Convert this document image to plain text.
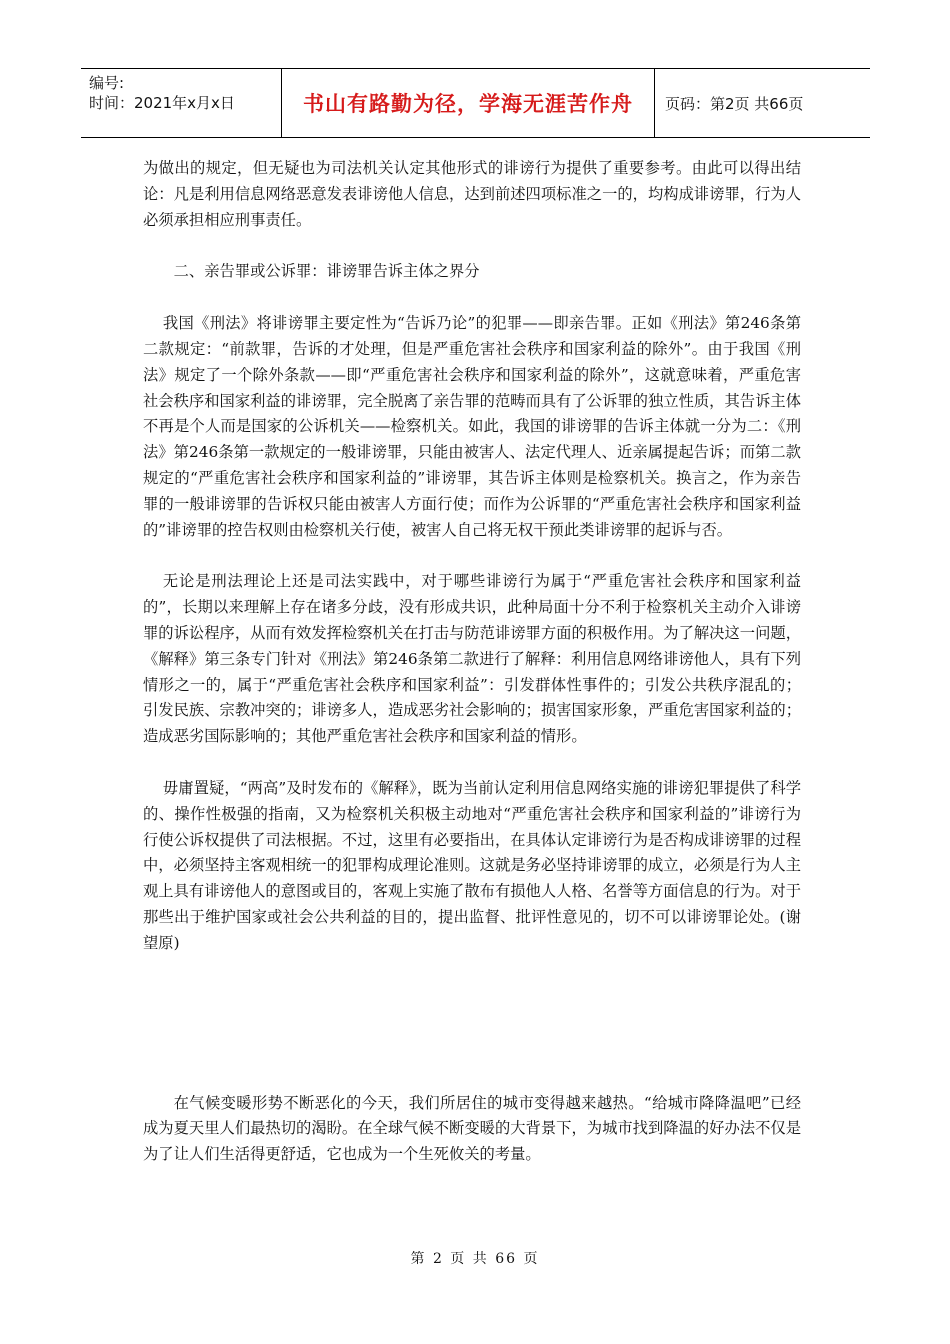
编号:
时间：2021年x月x日	书山有路勤为径，学海无涯苦作舟 页码：第2页 共66页

为做出的规定，但无疑也为司法机关认定其他形式的诽谤行为提供了重要参考。由此可以得出结论：凡是利用信息网络恶意发表诽谤他人信息，达到前述四项标准之一的，均构成诽谤罪，行为人必须承担相应刑事责任。

二、亲告罪或公诉罪：诽谤罪告诉主体之界分

我国《刑法》将诽谤罪主要定性为“告诉乃论”的犯罪——即亲告罪。正如《刑法》第246条第二款规定：“前款罪，告诉的才处理，但是严重危害社会秩序和国家利益的除外”。由于我国《刑法》规定了一个除外条款——即“严重危害社会秩序和国家利益的除外”，这就意味着，严重危害社会秩序和国家利益的诽谤罪，完全脱离了亲告罪的范畴而具有了公诉罪的独立性质，其告诉主体不再是个人而是国家的公诉机关——检察机关。如此，我国的诽谤罪的告诉主体就一分为二：《刑法》第246条第一款规定的一般诽谤罪，只能由被害人、法定代理人、近亲属提起告诉；而第二款规定的“严重危害社会秩序和国家利益的”诽谤罪，其告诉主体则是检察机关。换言之，作为亲告罪的一般诽谤罪的告诉权只能由被害人方面行使；而作为公诉罪的“严重危害社会秩序和国家利益的”诽谤罪的控告权则由检察机关行使，被害人自己将无权干预此类诽谤罪的起诉与否。

无论是刑法理论上还是司法实践中，对于哪些诽谤行为属于“严重危害社会秩序和国家利益的”，长期以来理解上存在诸多分歧，没有形成共识，此种局面十分不利于检察机关主动介入诽谤罪的诉讼程序，从而有效发挥检察机关在打击与防范诽谤罪方面的积极作用。为了解决这一问题，《解释》第三条专门针对《刑法》第246条第二款进行了解释：利用信息网络诽谤他人，具有下列情形之一的，属于“严重危害社会秩序和国家利益”：引发群体性事件的；引发公共秩序混乱的；引发民族、宗教冲突的；诽谤多人，造成恶劣社会影响的；损害国家形象，严重危害国家利益的；造成恶劣国际影响的；其他严重危害社会秩序和国家利益的情形。

毋庸置疑，“两高”及时发布的《解释》，既为当前认定利用信息网络实施的诽谤犯罪提供了科学的、操作性极强的指南，又为检察机关积极主动地对“严重危害社会秩序和国家利益的”诽谤行为行使公诉权提供了司法根据。不过，这里有必要指出，在具体认定诽谤行为是否构成诽谤罪的过程中，必须坚持主客观相统一的犯罪构成理论准则。这就是务必坚持诽谤罪的成立，必须是行为人主观上具有诽谤他人的意图或目的，客观上实施了散布有损他人人格、名誉等方面信息的行为。对于那些出于维护国家或社会公共利益的目的，提出监督、批评性意见的，切不可以诽谤罪论处。(谢望原)

在气候变暖形势不断恶化的今天，我们所居住的城市变得越来越热。“给城市降降温吧”已经成为夏天里人们最热切的渴盼。在全球气候不断变暖的大背景下，为城市找到降温的好办法不仅是为了让人们生活得更舒适，它也成为一个生死攸关的考量。

第 2 页 共 66 页
